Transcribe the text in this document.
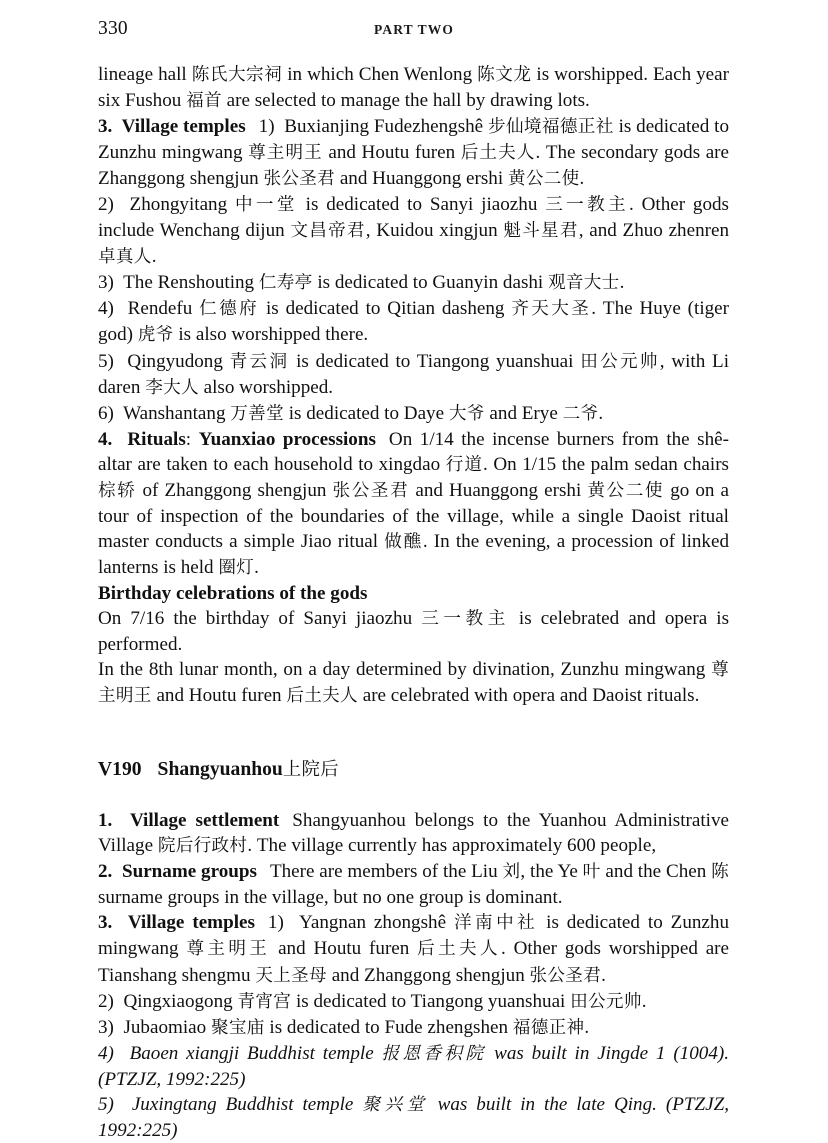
330	PART TWO

lineage hall 陈氏大宗祠 in which Chen Wenlong 陈文龙 is worshipped. Each year six Fushou 福首 are selected to manage the hall by drawing lots.

3.  Village temples 1)  Buxianjing Fudezhengshê 步仙境福德正社 is dedicated to Zunzhu mingwang 尊主明王 and Houtu furen 后土夫人. The secondary gods are Zhanggong shengjun 张公圣君 and Huanggong ershi 黄公二使.

2)  Zhongyitang 中一堂 is dedicated to Sanyi jiaozhu 三一教主. Other gods include Wenchang dijun 文昌帝君, Kuidou xingjun 魁斗星君, and Zhuo zhenren 卓真人.

3)  The Renshouting 仁寿亭 is dedicated to Guanyin dashi 观音大士.

4)  Rendefu 仁德府 is dedicated to Qitian dasheng 齐天大圣. The Huye (tiger god) 虎爷 is also worshipped there.

5)  Qingyudong 青云洞 is dedicated to Tiangong yuanshuai 田公元帅, with Li daren 李大人 also worshipped.

6)  Wanshantang 万善堂 is dedicated to Daye 大爷 and Erye 二爷.

4.  Rituals: Yuanxiao processions On 1/14 the incense burners from the shê-altar are taken to each household to xingdao 行道. On 1/15 the palm sedan chairs 棕轿 of Zhanggong shengjun 张公圣君 and Huanggong ershi 黄公二使 go on a tour of inspection of the boundaries of the village, while a single Daoist ritual master conducts a simple Jiao ritual 做醮. In the evening, a procession of linked lanterns is held 圈灯.

Birthday celebrations of the gods

On 7/16 the birthday of Sanyi jiaozhu 三一教主 is celebrated and opera is performed.

In the 8th lunar month, on a day determined by divination, Zunzhu mingwang 尊主明王 and Houtu furen 后土夫人 are celebrated with opera and Daoist rituals.

V190 Shangyuanhou上院后

1.  Village settlement Shangyuanhou belongs to the Yuanhou Administrative Village 院后行政村. The village currently has approximately 600 people,

2.  Surname groups There are members of the Liu 刘, the Ye 叶 and the Chen 陈 surname groups in the village, but no one group is dominant.

3.  Village temples 1)  Yangnan zhongshê 洋南中社 is dedicated to Zunzhu mingwang 尊主明王 and Houtu furen 后土夫人. Other gods worshipped are Tianshang shengmu 天上圣母 and Zhanggong shengjun 张公圣君.

2)  Qingxiaogong 青宵宫 is dedicated to Tiangong yuanshuai 田公元帅.

3)  Jubaomiao 聚宝庙 is dedicated to Fude zhengshen 福德正神.

4)  Baoen xiangji Buddhist temple 报恩香积院 was built in Jingde 1 (1004). (PTZJZ, 1992:225)

5)  Juxingtang Buddhist temple 聚兴堂 was built in the late Qing. (PTZJZ, 1992:225)
